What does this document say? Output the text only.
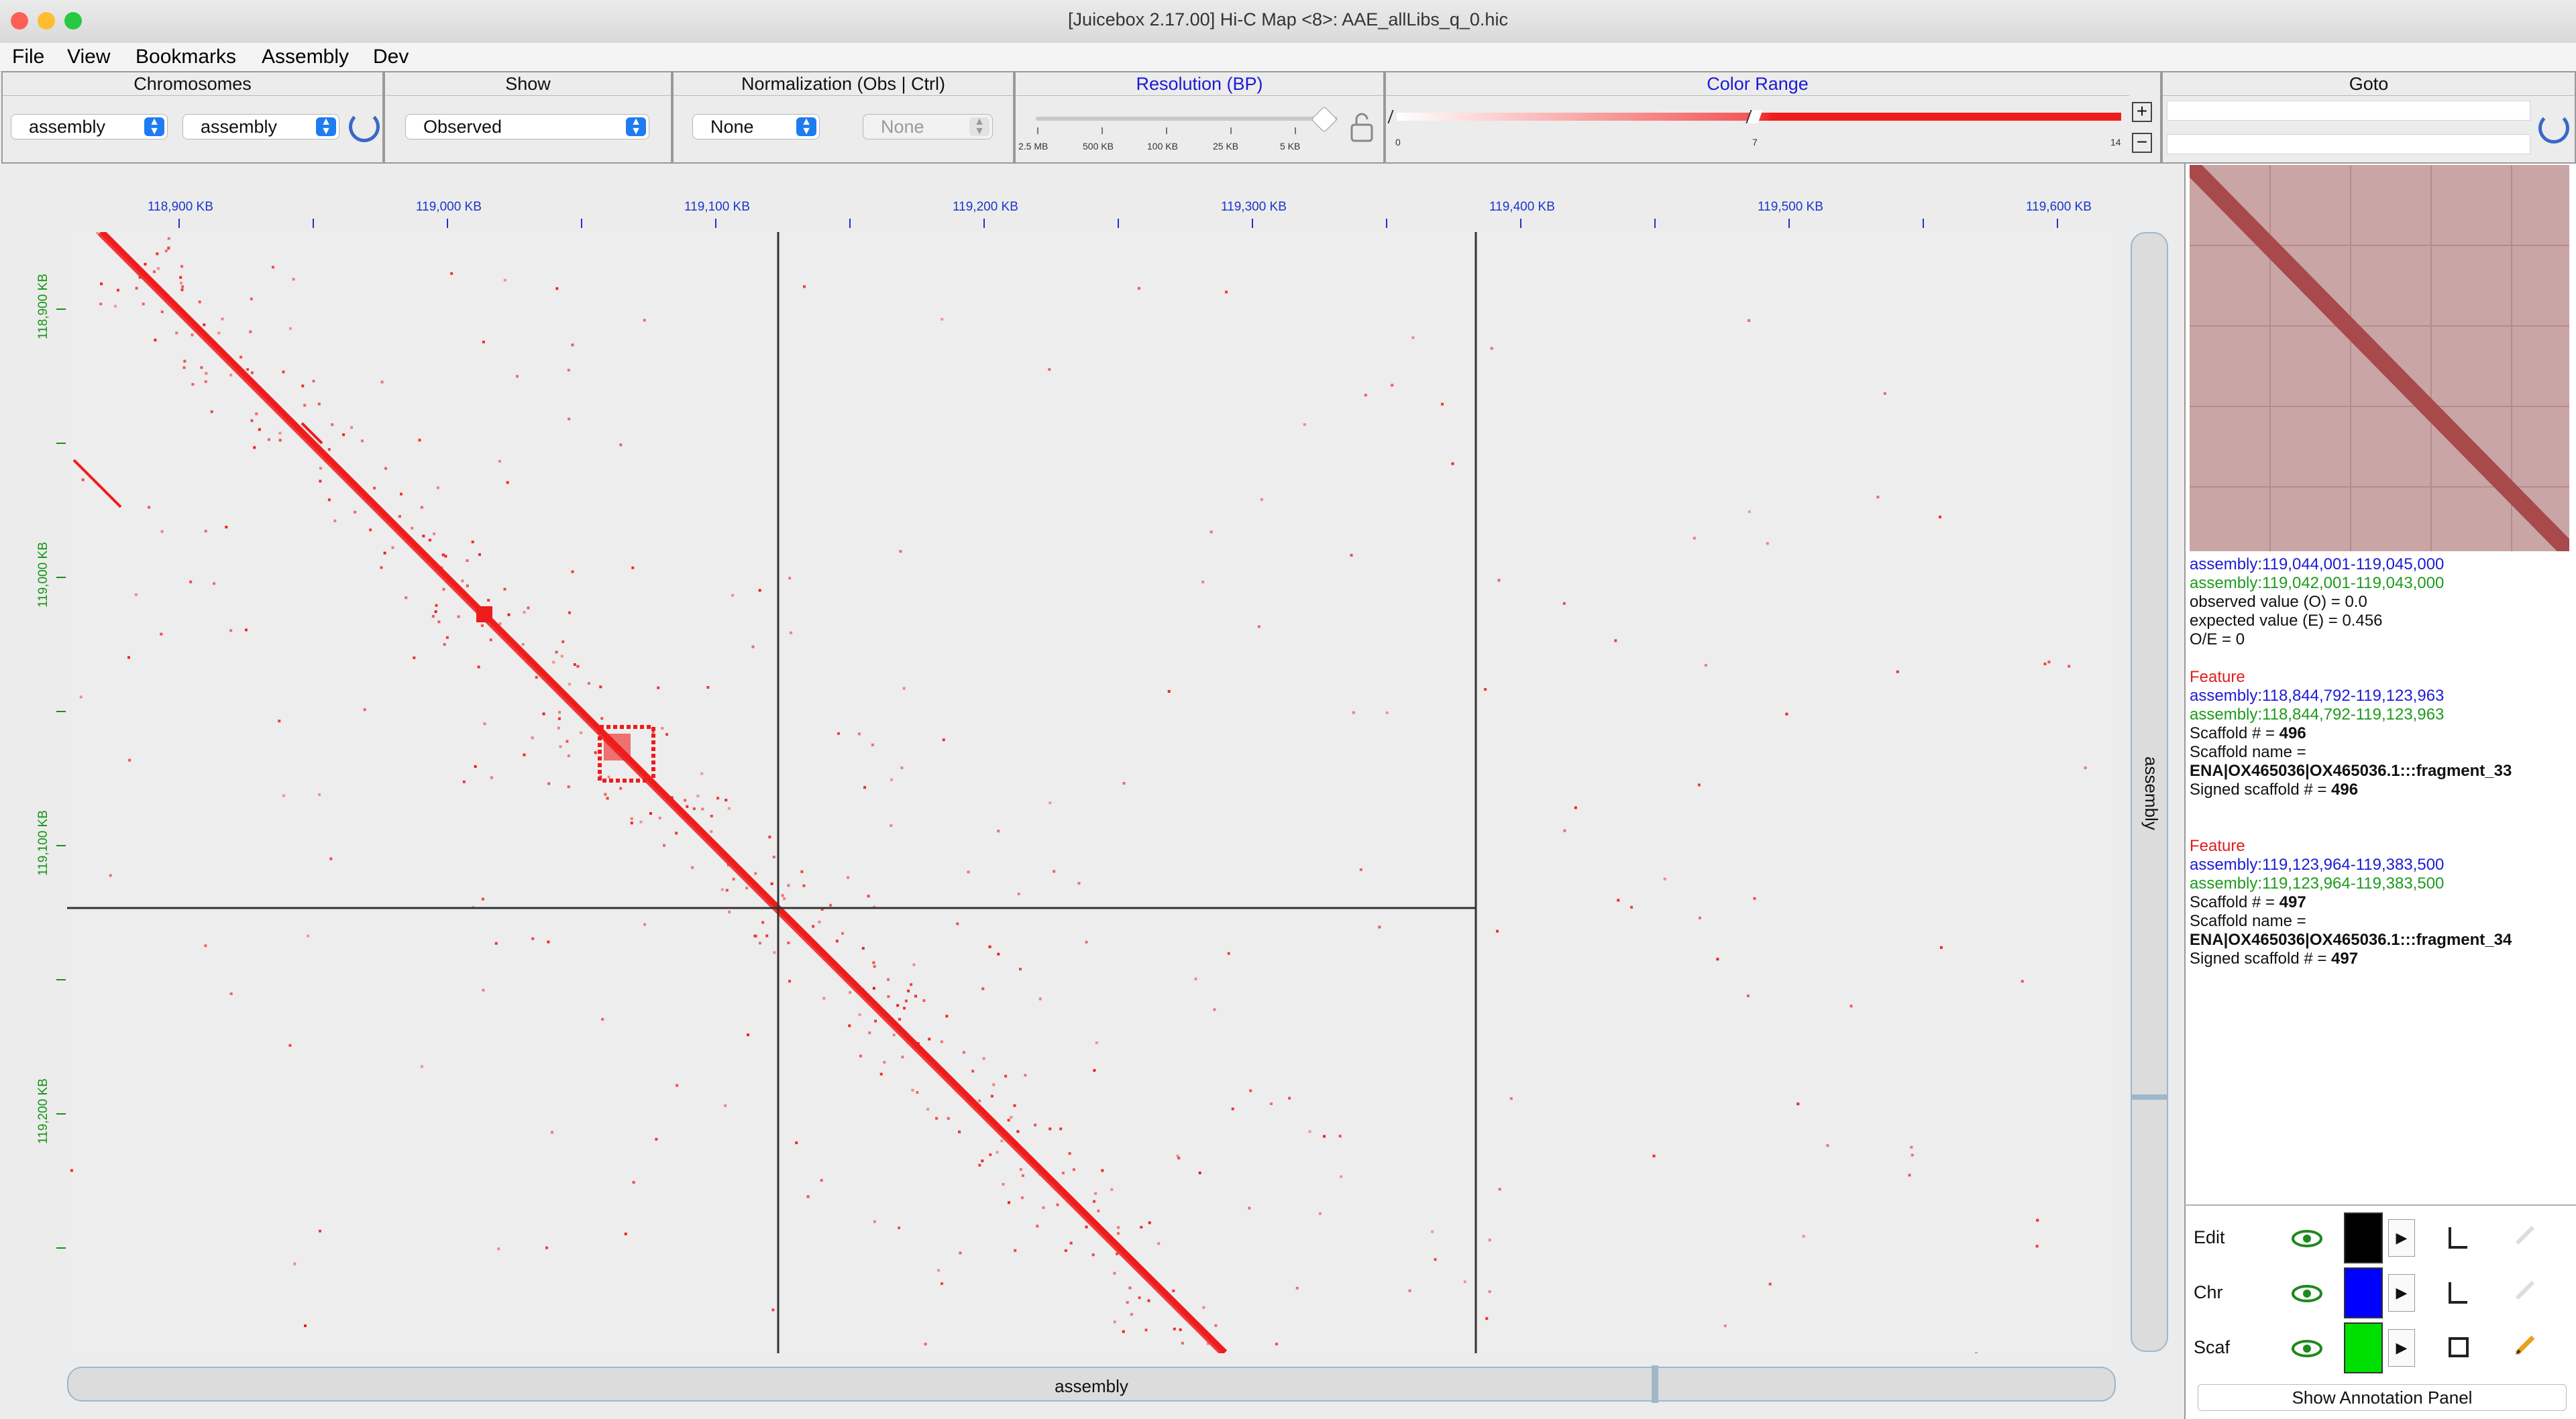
[Juicebox 2.17.00] Hi-C Map <8>: AAE_allLibs_q_0.hic
File View Bookmarks Assembly Dev
Chromosomes
assembly	▲
▼	assembly	▲
▼
Show
Observed	▲
▼
Normalization (Obs | Ctrl)
None	▲
▼	None	▲
▼
Resolution (BP)
2.5 MB	500 KB	100 KB	25 KB	5 KB
Color Range
0	7	14
+
−
Goto
118,900 KB	119,000 KB	119,100 KB	119,200 KB	119,300 KB	119,400 KB	119,500 KB	119,600 KB
118,900 KB
119,000 KB
119,100 KB
119,200 KB
assembly
assembly
assembly:119,044,001-119,045,000
assembly:119,042,001-119,043,000
observed value (O) = 0.0
expected value (E) = 0.456
O/E = 0
Feature
assembly:118,844,792-119,123,963
assembly:118,844,792-119,123,963
Scaffold # = 496
Scaffold name =
ENA|OX465036|OX465036.1:::fragment_33
Signed scaffold # = 496
Feature
assembly:119,123,964-119,383,500
assembly:119,123,964-119,383,500
Scaffold # = 497
Scaffold name =
ENA|OX465036|OX465036.1:::fragment_34
Signed scaffold # = 497
Edit	▶
Chr	▶
Scaf	▶
Show Annotation Panel
